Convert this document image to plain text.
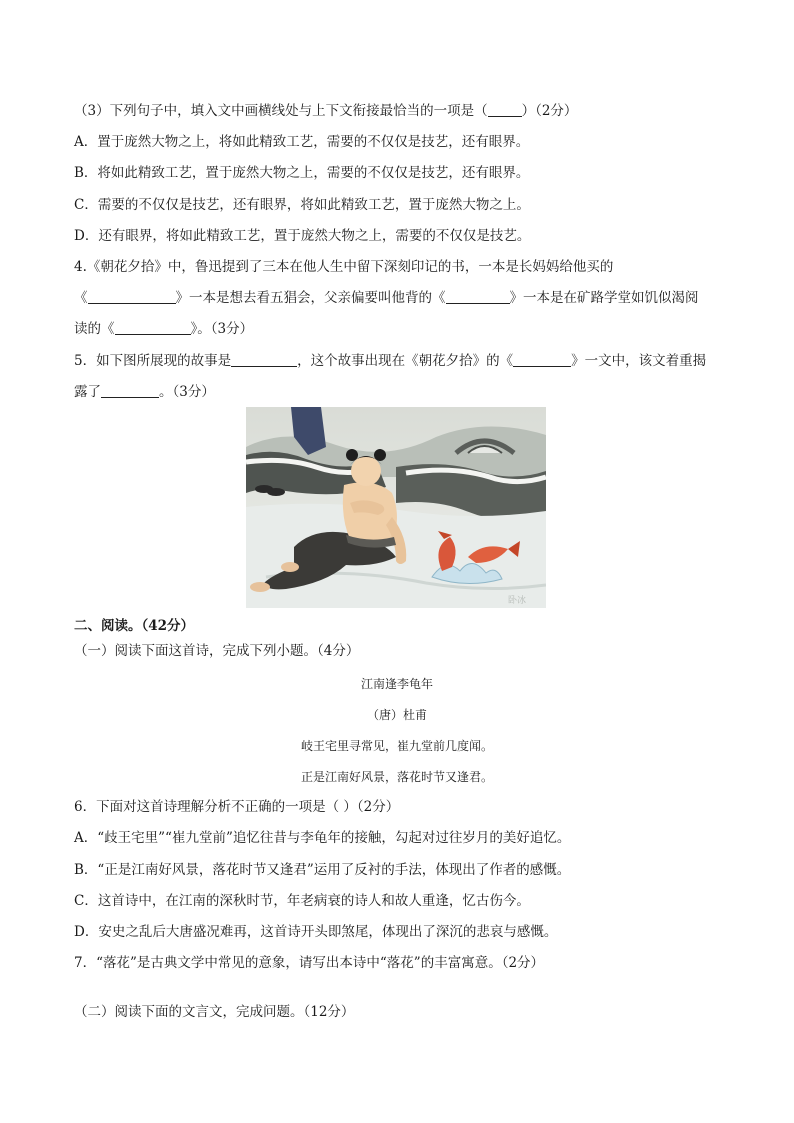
（3）下列句子中，填入文中画横线处与上下文衔接最恰当的一项是（	）（2分）
A．置于庞然大物之上，将如此精致工艺，需要的不仅仅是技艺，还有眼界。
B．将如此精致工艺，置于庞然大物之上，需要的不仅仅是技艺，还有眼界。
C．需要的不仅仅是技艺，还有眼界，将如此精致工艺，置于庞然大物之上。
D．还有眼界，将如此精致工艺，置于庞然大物之上，需要的不仅仅是技艺。
4.《朝花夕拾》中，鲁迅提到了三本在他人生中留下深刻印记的书，一本是长妈妈给他买的
《	》一本是想去看五猖会，父亲偏要叫他背的《	》一本是在矿路学堂如饥似渴阅
读的《	》。（3分）
5．如下图所展现的故事是	，这个故事出现在《朝花夕拾》的《	》一文中，该文着重揭
露了	。（3分）
卧冰
二、阅读。（42分）
（一）阅读下面这首诗，完成下列小题。（4分）
江南逢李龟年
（唐）杜甫
岐王宅里寻常见，崔九堂前几度闻。
正是江南好风景，落花时节又逢君。
6．下面对这首诗理解分析不正确的一项是（ ）（2分）
A．“歧王宅里”“崔九堂前”追忆往昔与李龟年的接触，勾起对过往岁月的美好追忆。
B．“正是江南好风景，落花时节又逢君”运用了反衬的手法，体现出了作者的感慨。
C．这首诗中，在江南的深秋时节，年老病衰的诗人和故人重逢，忆古伤今。
D．安史之乱后大唐盛况难再，这首诗开头即煞尾，体现出了深沉的悲哀与感慨。
7．“落花”是古典文学中常见的意象，请写出本诗中“落花”的丰富寓意。（2分）
（二）阅读下面的文言文，完成问题。（12分）
